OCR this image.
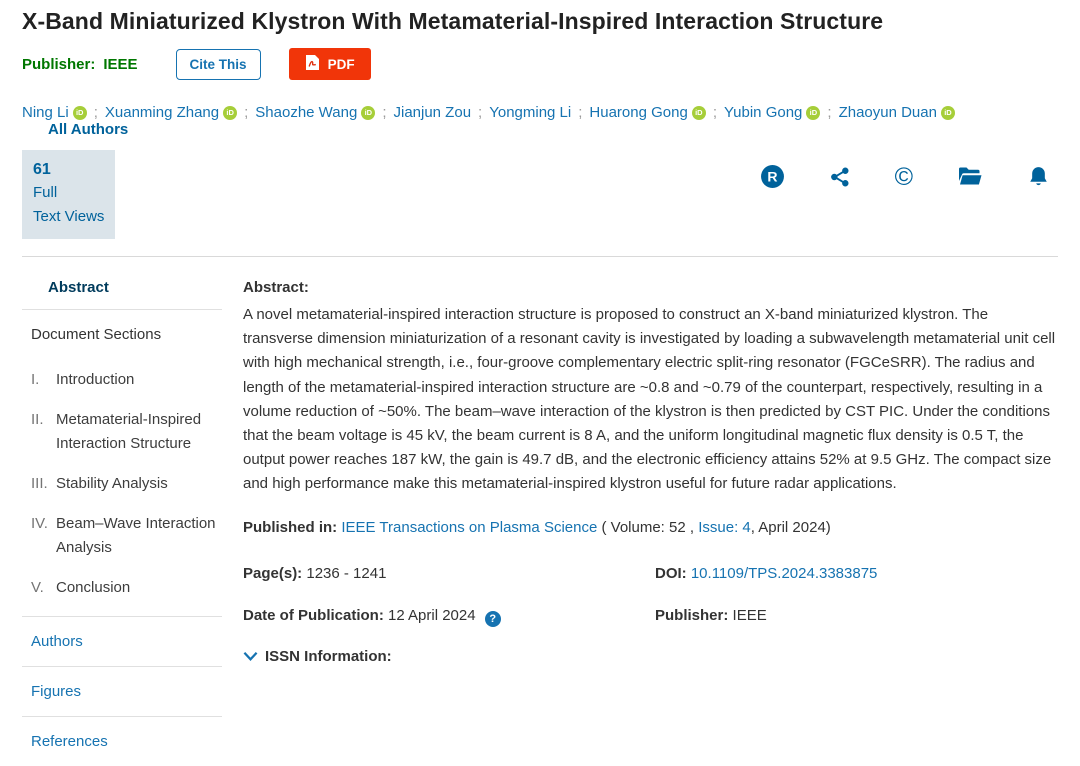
X-Band Miniaturized Klystron With Metamaterial-Inspired Interaction Structure
Publisher: IEEE	Cite This	PDF
Ning Li iD ; Xuanming Zhang iD ; Shaozhe Wang iD ; Jianjun Zou ; Yongming Li ; Huarong Gong iD ; Yubin Gong iD ; Zhaoyun Duan iD
All Authors
61
Full
Text Views
R	©
Abstract
Document Sections
I.	Introduction
II. Metamaterial-Inspired Interaction Structure
III. Stability Analysis
IV. Beam–Wave Interaction Analysis
V. Conclusion
Authors
Figures
References
Abstract:

A novel metamaterial-inspired interaction structure is proposed to construct an X-band miniaturized klystron. The transverse dimension miniaturization of a resonant cavity is investigated by loading a subwavelength metamaterial unit cell with high mechanical strength, i.e., four-groove complementary electric split-ring resonator (FGCeSRR). The radius and length of the metamaterial-inspired interaction structure are ~0.8 and ~0.79 of the counterpart, respectively, resulting in a volume reduction of ~50%. The beam–wave interaction of the klystron is then predicted by CST PIC. Under the conditions that the beam voltage is 45 kV, the beam current is 8 A, and the uniform longitudinal magnetic flux density is 0.5 T, the output power reaches 187 kW, the gain is 49.7 dB, and the electronic efficiency attains 52% at 9.5 GHz. The compact size and high performance make this metamaterial-inspired klystron useful for future radar applications.

Published in: IEEE Transactions on Plasma Science ( Volume: 52 , Issue: 4, April 2024)
Page(s): 1236 - 1241	DOI: 10.1109/TPS.2024.3383875
Date of Publication: 12 April 2024 ?	Publisher: IEEE
ISSN Information:
